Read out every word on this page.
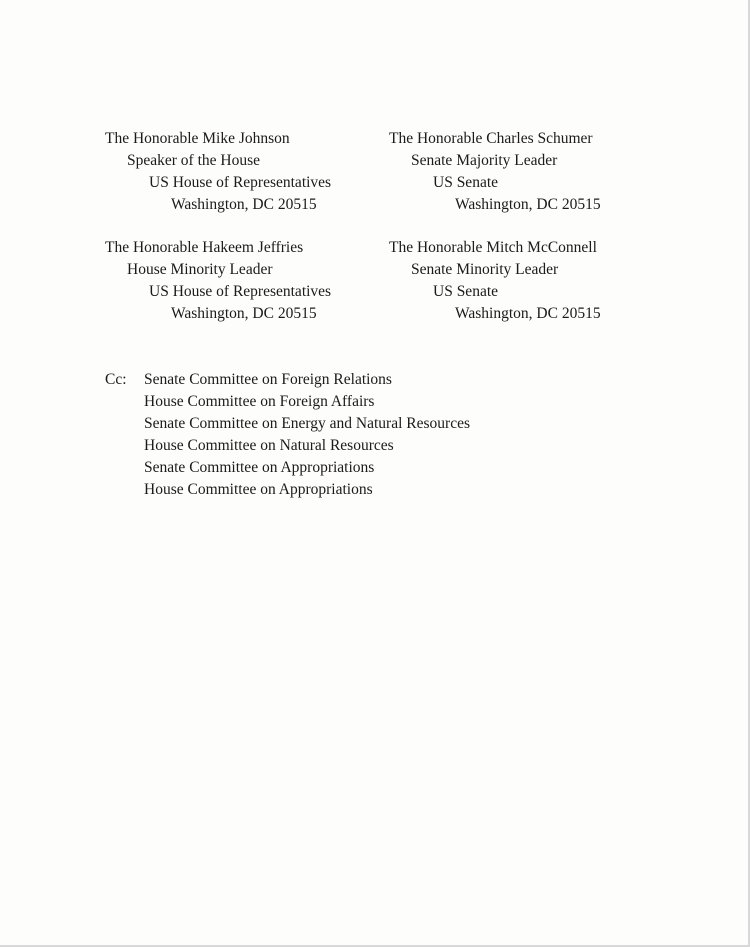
The Honorable Mike Johnson
Speaker of the House
US House of Representatives
Washington, DC 20515
The Honorable Charles Schumer
Senate Majority Leader
US Senate
Washington, DC 20515
The Honorable Hakeem Jeffries
House Minority Leader
US House of Representatives
Washington, DC 20515
The Honorable Mitch McConnell
Senate Minority Leader
US Senate
Washington, DC 20515
Cc: Senate Committee on Foreign Relations
House Committee on Foreign Affairs
Senate Committee on Energy and Natural Resources
House Committee on Natural Resources
Senate Committee on Appropriations
House Committee on Appropriations
